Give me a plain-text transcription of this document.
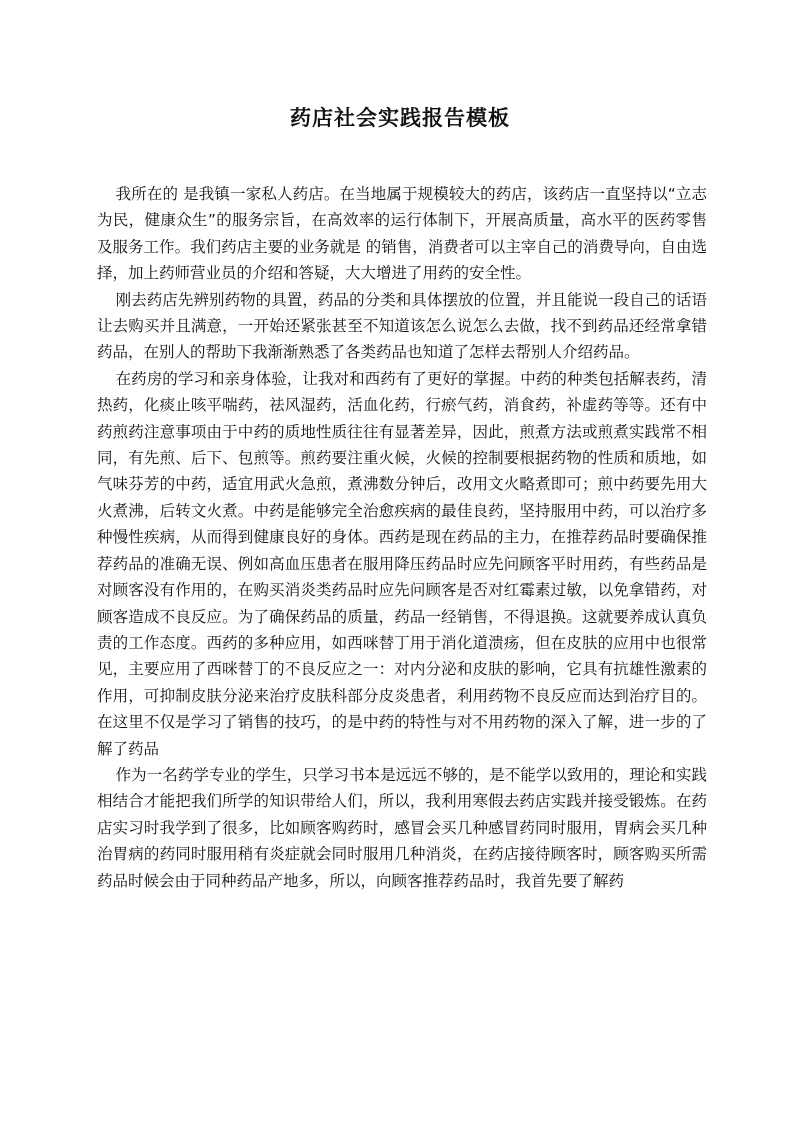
药店社会实践报告模板

我所在的 是我镇一家私人药店。在当地属于规模较大的药店，该药店一直坚持以“立志为民，健康众生”的服务宗旨，在高效率的运行体制下，开展高质量，高水平的医药零售及服务工作。我们药店主要的业务就是 的销售，消费者可以主宰自己的消费导向，自由选择，加上药师营业员的介绍和答疑，大大增进了用药的安全性。

刚去药店先辨别药物的具置，药品的分类和具体摆放的位置，并且能说一段自己的话语让去购买并且满意，一开始还紧张甚至不知道该怎么说怎么去做，找不到药品还经常拿错药品，在别人的帮助下我渐渐熟悉了各类药品也知道了怎样去帮别人介绍药品。

在药房的学习和亲身体验，让我对和西药有了更好的掌握。中药的种类包括解表药，清热药，化痰止咳平喘药，祛风湿药，活血化药，行瘀气药，消食药，补虚药等等。还有中药煎药注意事项由于中药的质地性质往往有显著差异，因此，煎煮方法或煎煮实践常不相同，有先煎、后下、包煎等。煎药要注重火候，火候的控制要根据药物的性质和质地，如气味芬芳的中药，适宜用武火急煎，煮沸数分钟后，改用文火略煮即可；煎中药要先用大火煮沸，后转文火煮。中药是能够完全治愈疾病的最佳良药，坚持服用中药，可以治疗多种慢性疾病，从而得到健康良好的身体。西药是现在药品的主力，在推荐药品时要确保推荐药品的准确无误、例如高血压患者在服用降压药品时应先问顾客平时用药，有些药品是对顾客没有作用的，在购买消炎类药品时应先问顾客是否对红霉素过敏，以免拿错药，对顾客造成不良反应。为了确保药品的质量，药品一经销售，不得退换。这就要养成认真负责的工作态度。西药的多种应用，如西咪替丁用于消化道溃疡，但在皮肤的应用中也很常见，主要应用了西咪替丁的不良反应之一：对内分泌和皮肤的影响，它具有抗雄性激素的作用，可抑制皮肤分泌来治疗皮肤科部分皮炎患者，利用药物不良反应而达到治疗目的。在这里不仅是学习了销售的技巧，的是中药的特性与对不用药物的深入了解，进一步的了解了药品

作为一名药学专业的学生，只学习书本是远远不够的，是不能学以致用的，理论和实践相结合才能把我们所学的知识带给人们，所以，我利用寒假去药店实践并接受锻炼。在药店实习时我学到了很多，比如顾客购药时，感冒会买几种感冒药同时服用，胃病会买几种治胃病的药同时服用稍有炎症就会同时服用几种消炎，在药店接待顾客时，顾客购买所需药品时候会由于同种药品产地多，所以，向顾客推荐药品时，我首先要了解药
